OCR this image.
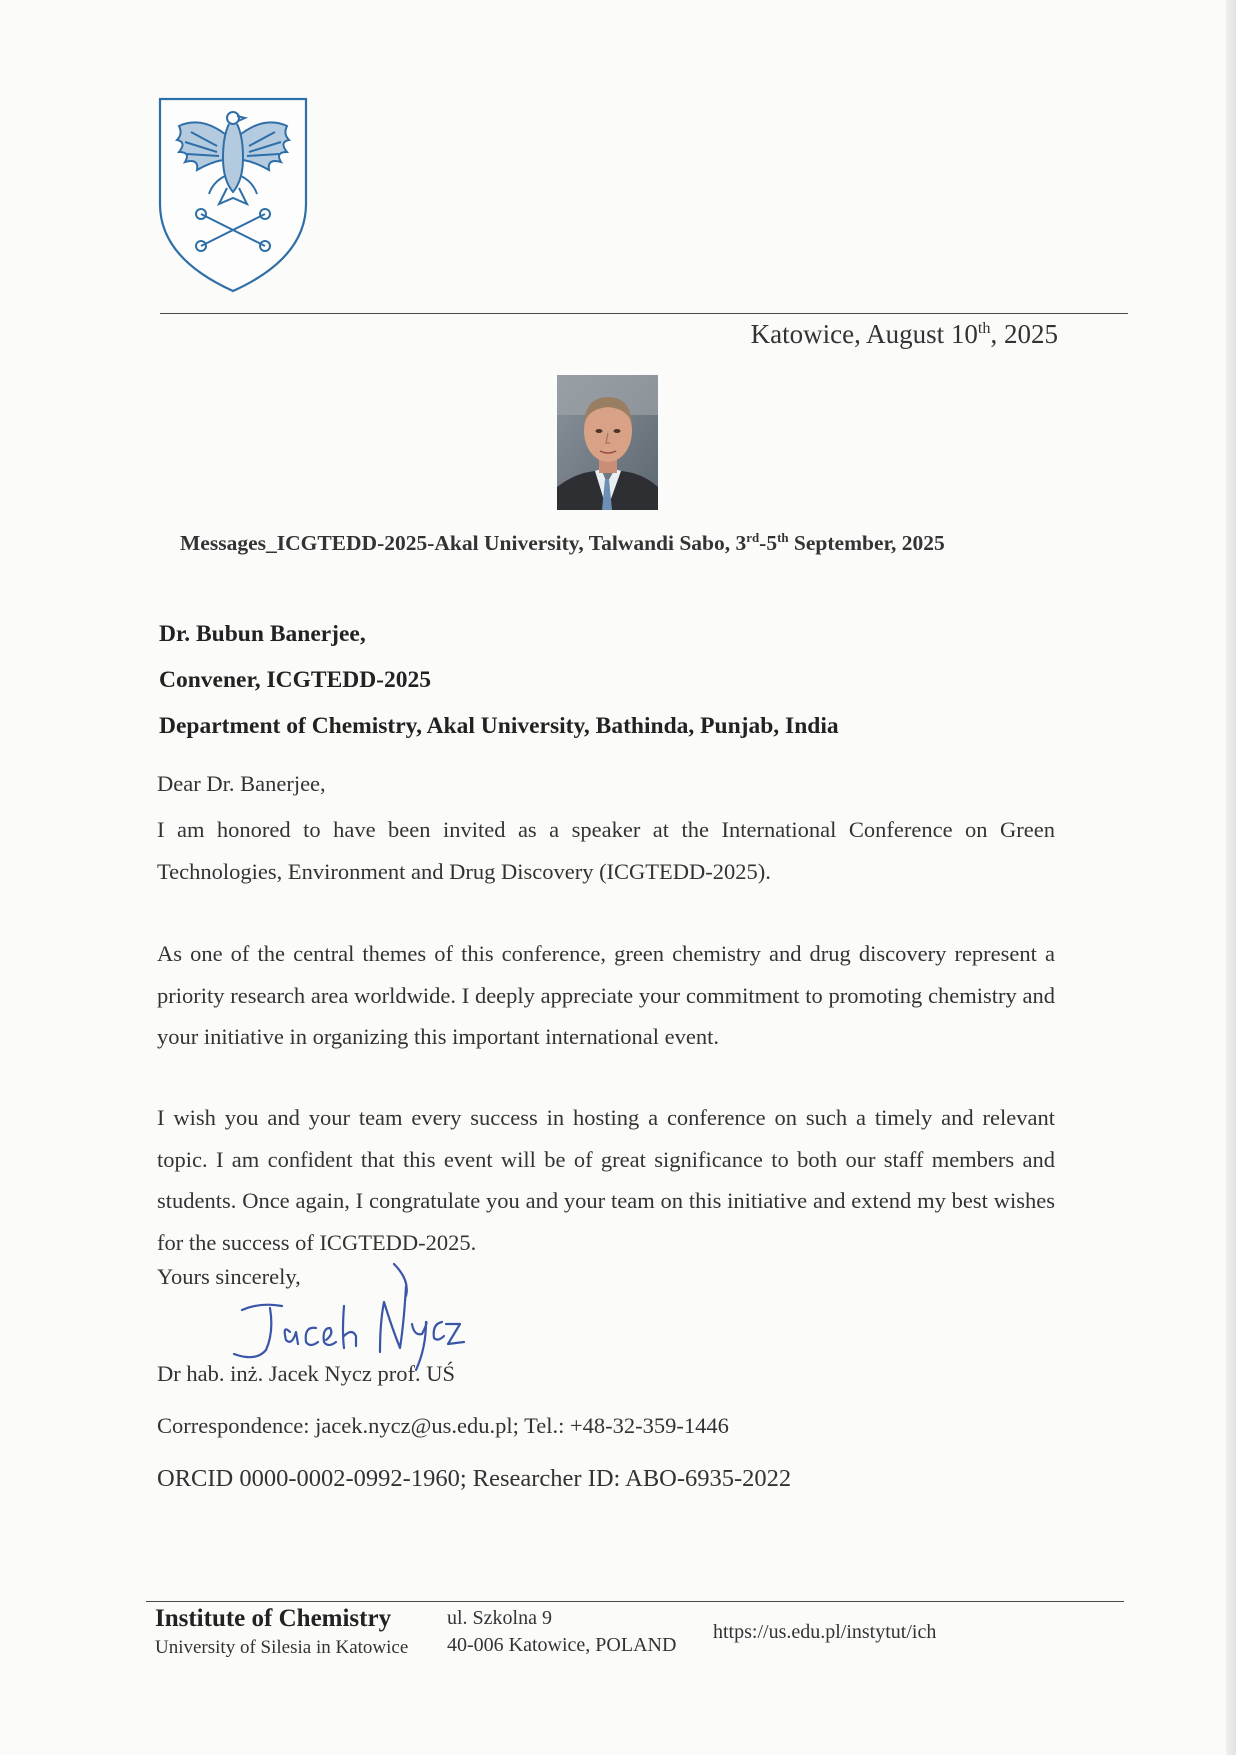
Katowice, August 10th, 2025
Messages_ICGTEDD-2025-Akal University, Talwandi Sabo, 3rd-5th September, 2025
Dr. Bubun Banerjee,
Convener, ICGTEDD-2025
Department of Chemistry, Akal University, Bathinda, Punjab, India
Dear Dr. Banerjee,

I am honored to have been invited as a speaker at the International Conference on Green Technologies, Environment and Drug Discovery (ICGTEDD-2025).

As one of the central themes of this conference, green chemistry and drug discovery represent a priority research area worldwide. I deeply appreciate your commitment to promoting chemistry and your initiative in organizing this important international event.

I wish you and your team every success in hosting a conference on such a timely and relevant topic. I am confident that this event will be of great significance to both our staff members and students. Once again, I congratulate you and your team on this initiative and extend my best wishes for the success of ICGTEDD-2025.

Yours sincerely,
Dr hab. inż. Jacek Nycz prof. UŚ
Correspondence: jacek.nycz@us.edu.pl; Tel.: +48-32-359-1446
ORCID 0000-0002-0992-1960; Researcher ID: ABO-6935-2022
Institute of Chemistry
University of Silesia in Katowice
ul. Szkolna 9
40-006 Katowice, POLAND
https://us.edu.pl/instytut/ich
